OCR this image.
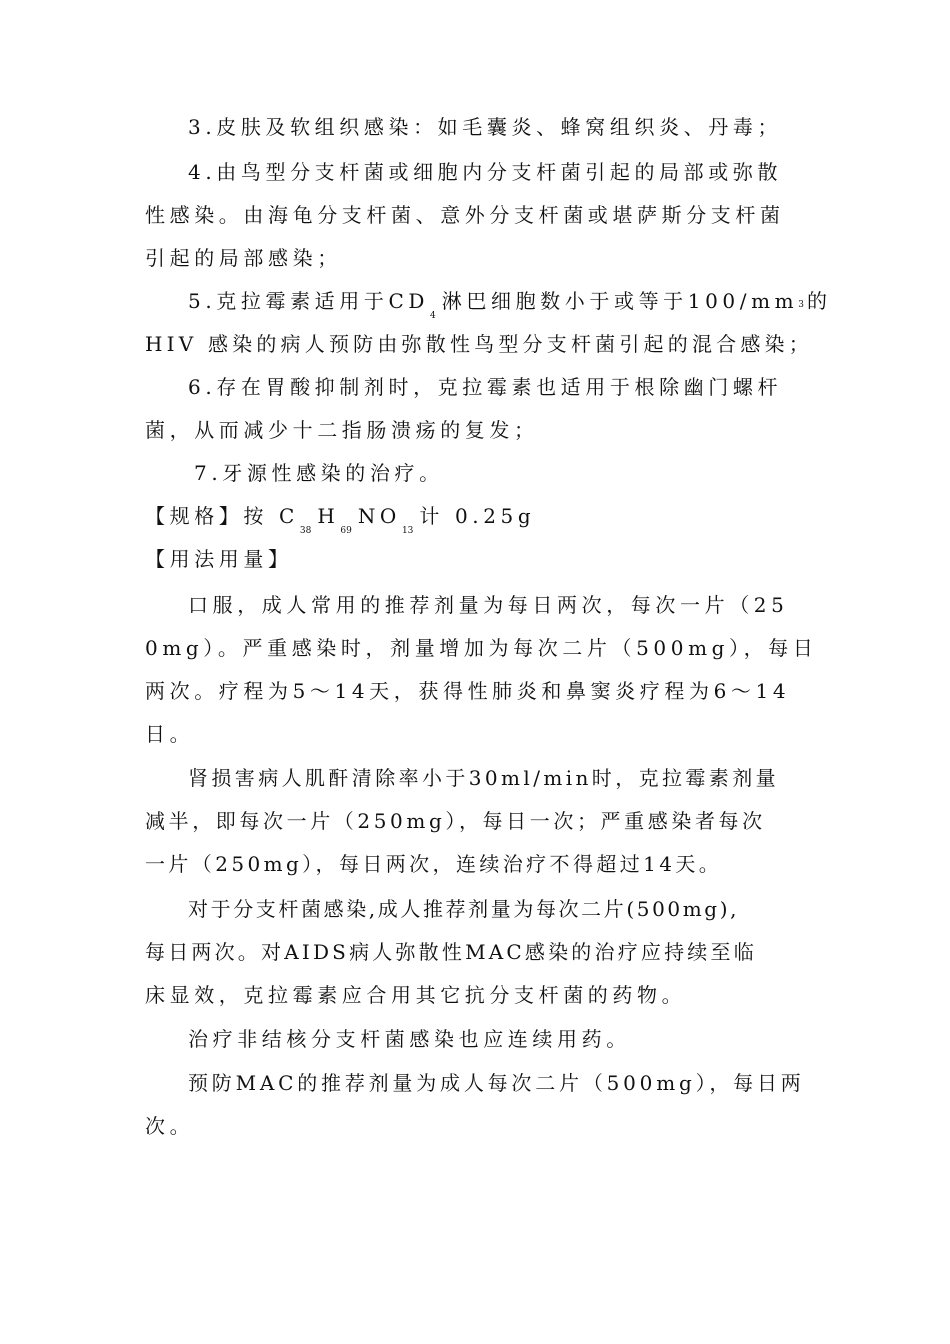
3.皮肤及软组织感染：如毛囊炎、蜂窝组织炎、丹毒；
4.由鸟型分支杆菌或细胞内分支杆菌引起的局部或弥散
性感染。由海龟分支杆菌、意外分支杆菌或堪萨斯分支杆菌
引起的局部感染；
5.克拉霉素适用于$CD_4$淋巴细胞数小于或等于100/mm3 的
HIV 感染的病人预防由弥散性鸟型分支杆菌引起的混合感染；
6.存在胃酸抑制剂时，克拉霉素也适用于根除幽门螺杆
菌，从而减少十二指肠溃疡的复发；
7.牙源性感染的治疗。
【规格】按 $C_{38}H_{69}NO_{13}$计 0.25g
【用法用量】
口服，成人常用的推荐剂量为每日两次，每次一片（25
0mg）。严重感染时，剂量增加为每次二片（500mg），每日
两次。疗程为5～14天，获得性肺炎和鼻窦炎疗程为6～14
日。
肾损害病人肌酐清除率小于30ml/min时，克拉霉素剂量
减半，即每次一片（250mg），每日一次；严重感染者每次
一片（250mg），每日两次，连续治疗不得超过14天。
对于分支杆菌感染,成人推荐剂量为每次二片(500mg),
每日两次。对AIDS病人弥散性MAC感染的治疗应持续至临
床显效，克拉霉素应合用其它抗分支杆菌的药物。
治疗非结核分支杆菌感染也应连续用药。
预防MAC的推荐剂量为成人每次二片（500mg），每日两
次。
